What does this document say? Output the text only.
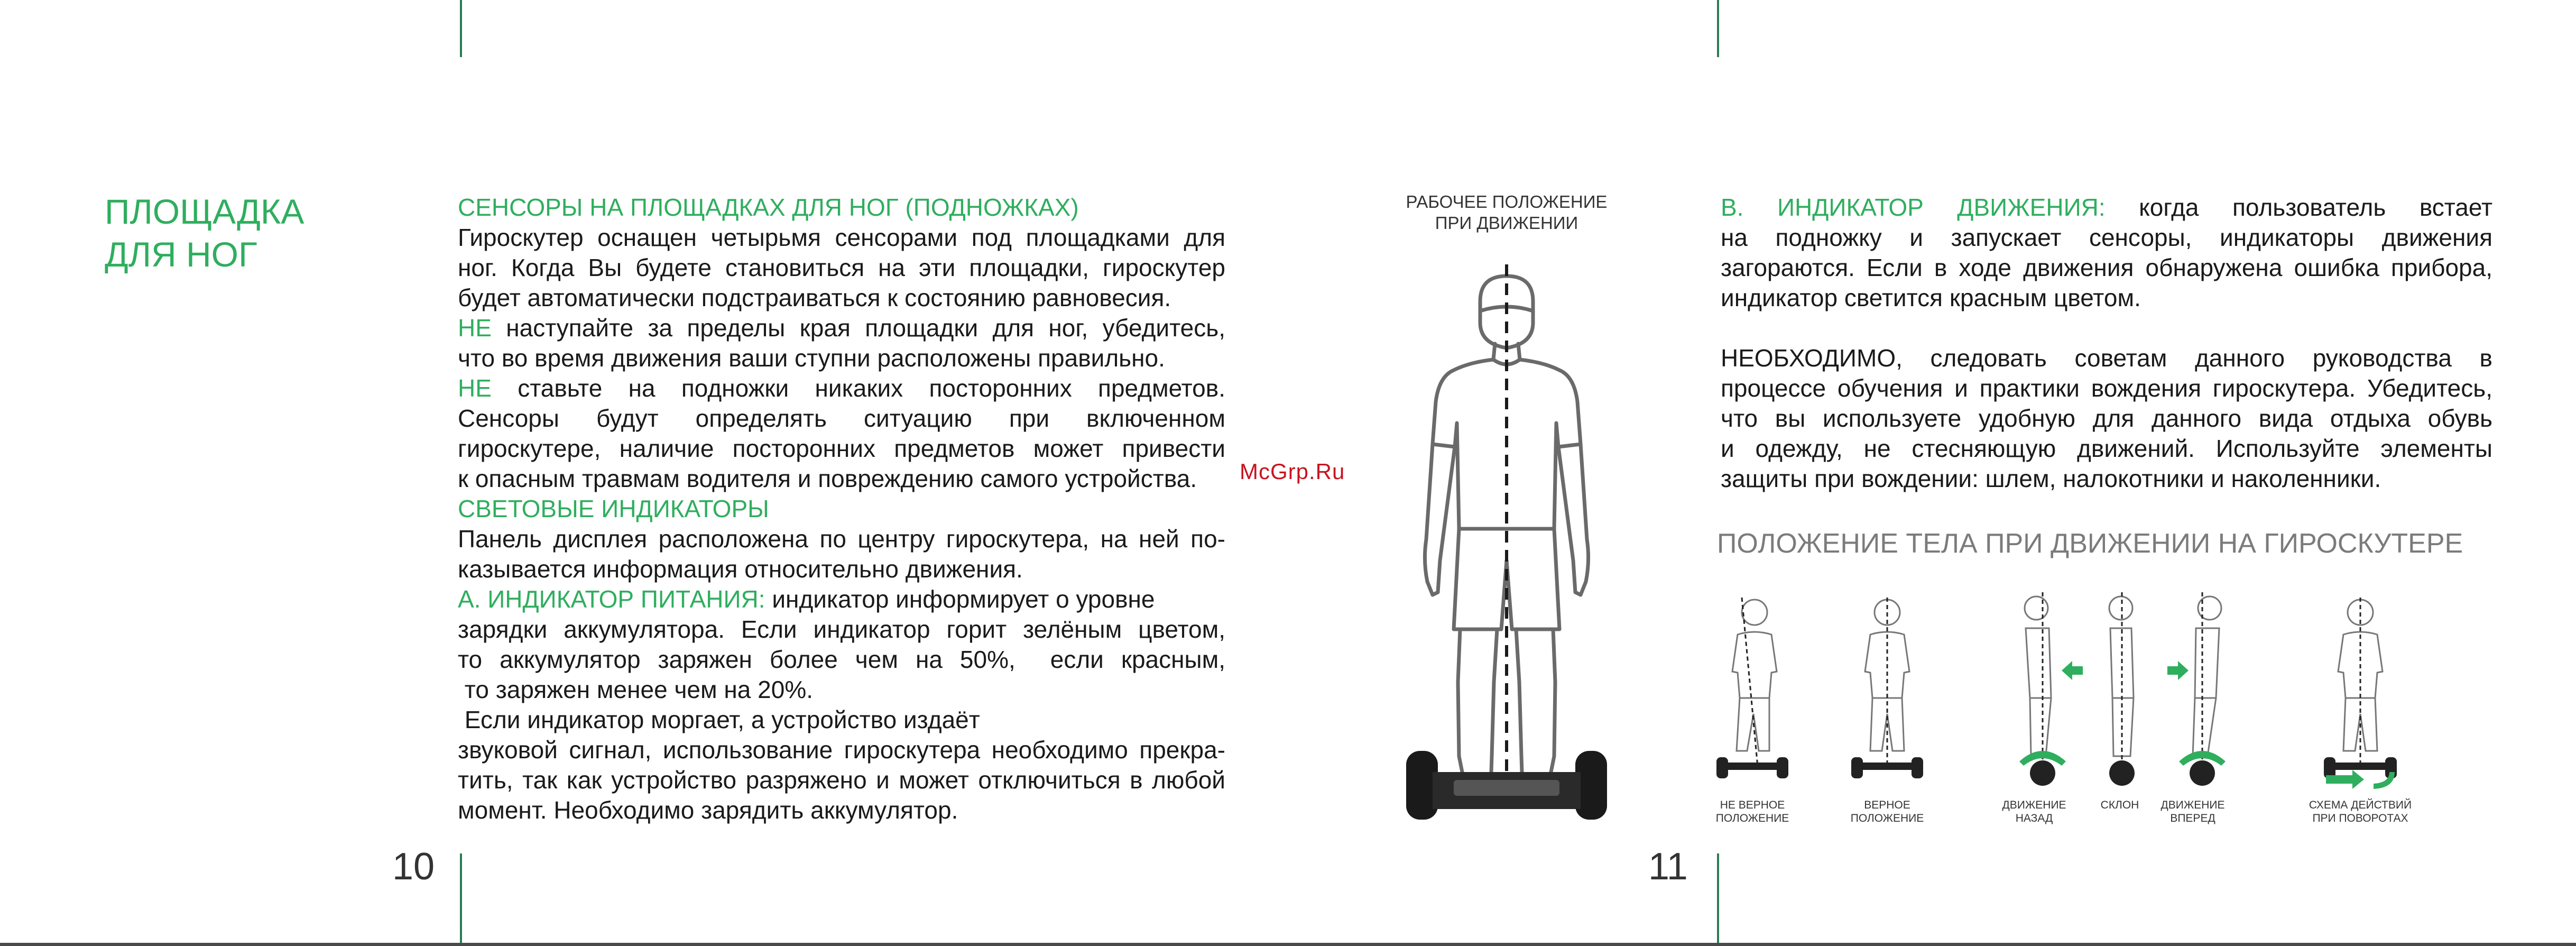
ПЛОЩАДКА
ДЛЯ НОГ
10

СЕНСОРЫ НА ПЛОЩАДКАХ ДЛЯ НОГ (ПОДНОЖКАХ)

Гироскутер оснащен четырьмя сенсорами под площадками для

ног. Когда Вы будете становиться на эти площадки, гироскутер

будет автоматически подстраиваться к состоянию равновесия.

НЕ наступайте за пределы края площадки для ног, убедитесь,

что во время движения ваши ступни расположены правильно.

НЕ ставьте на подножки никаких посторонних предметов.

Сенсоры будут определять ситуацию при включенном

гироскутере, наличие посторонних предметов может привести

к опасным травмам водителя и повреждению самого устройства.

СВЕТОВЫЕ ИНДИКАТОРЫ

Панель дисплея расположена по центру гироскутера, на ней по-

казывается информация относительно движения.

А. ИНДИКАТОР ПИТАНИЯ: индикатор информирует о уровне

зарядки аккумулятора. Если индикатор горит зелёным цветом,

то аккумулятор заряжен более чем на 50%,  если красным,

то заряжен менее чем на 20%.

Если индикатор моргает, а устройство издаёт

звуковой сигнал, использование гироскутера необходимо прекра-

тить, так как устройство разряжено и может отключиться в любой

момент. Необходимо зарядить аккумулятор.

McGrp.Ru
РАБОЧЕЕ ПОЛОЖЕНИЕ
ПРИ ДВИЖЕНИИ
11

В. ИНДИКАТОР ДВИЖЕНИЯ: когда пользователь встает

на подножку и запускает сенсоры, индикаторы движения

загораются. Если в ходе движения обнаружена ошибка прибора,

индикатор светится красным цветом.

НЕОБХОДИМО, следовать советам данного руководства в

процессе обучения и практики вождения гироскутера. Убедитесь,

что вы используете удобную для данного вида отдыха обувь

и одежду, не стесняющую движений. Используйте элементы

защиты при вождении: шлем, налокотники и наколенники.

ПОЛОЖЕНИЕ ТЕЛА ПРИ ДВИЖЕНИИ НА ГИРОСКУТЕРЕ
НЕ ВЕРНОЕ
ПОЛОЖЕНИЕ
ВЕРНОЕ
ПОЛОЖЕНИЕ
ДВИЖЕНИЕ
НАЗАД
СКЛОН	ДВИЖЕНИЕ
ВПЕРЕД
СХЕМА ДЕЙСТВИЙ
ПРИ ПОВОРОТАХ
